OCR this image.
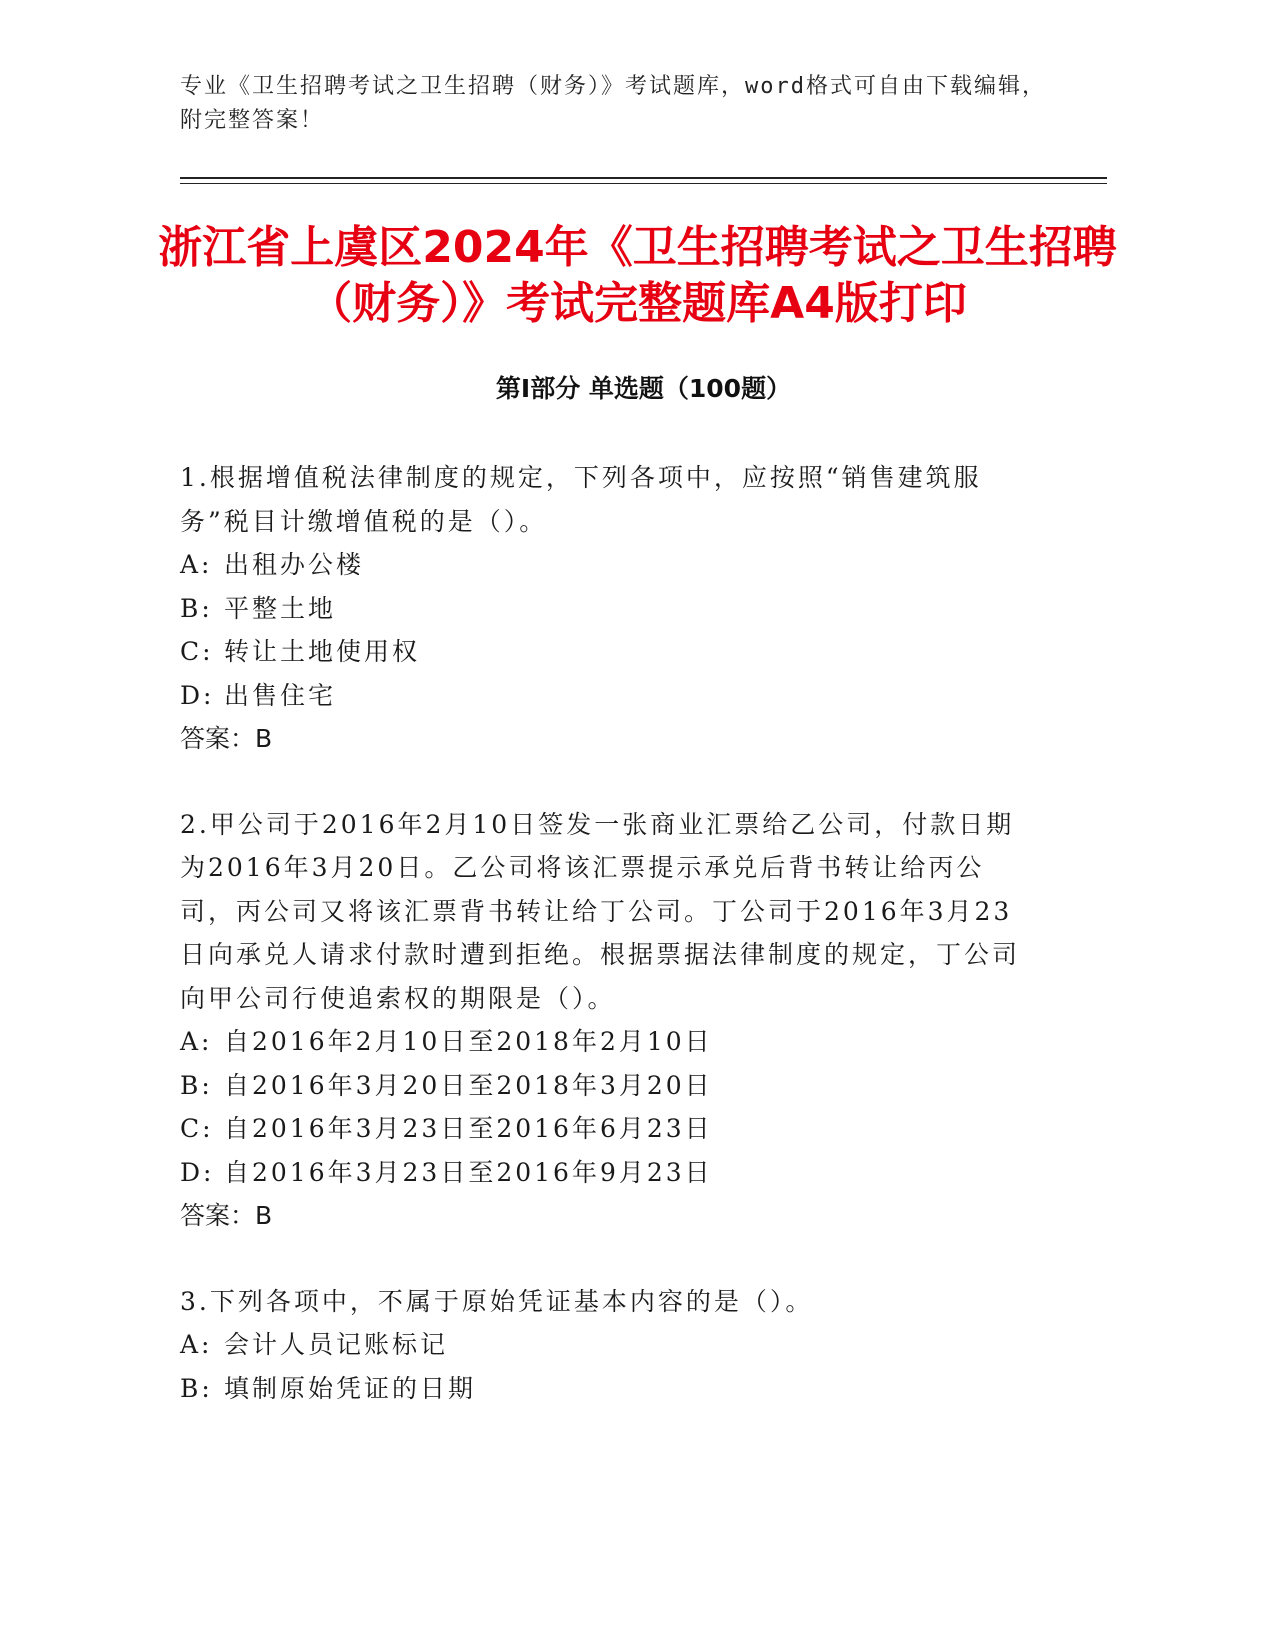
专业《卫生招聘考试之卫生招聘（财务）》考试题库，word格式可自由下载编辑，附完整答案！
浙江省上虞区2024年《卫生招聘考试之卫生招聘（财务）》考试完整题库A4版打印
第I部分 单选题（100题）

1.根据增值税法律制度的规定，下列各项中，应按照“销售建筑服务”税目计缴增值税的是（）。

A: 出租办公楼

B: 平整土地

C: 转让土地使用权

D: 出售住宅

答案：B

2.甲公司于2016年2月10日签发一张商业汇票给乙公司，付款日期为2016年3月20日。乙公司将该汇票提示承兑后背书转让给丙公司，丙公司又将该汇票背书转让给丁公司。丁公司于2016年3月23日向承兑人请求付款时遭到拒绝。根据票据法律制度的规定，丁公司向甲公司行使追索权的期限是（）。

A: 自2016年2月10日至2018年2月10日

B: 自2016年3月20日至2018年3月20日

C: 自2016年3月23日至2016年6月23日

D: 自2016年3月23日至2016年9月23日

答案：B

3.下列各项中，不属于原始凭证基本内容的是（）。

A: 会计人员记账标记

B: 填制原始凭证的日期
